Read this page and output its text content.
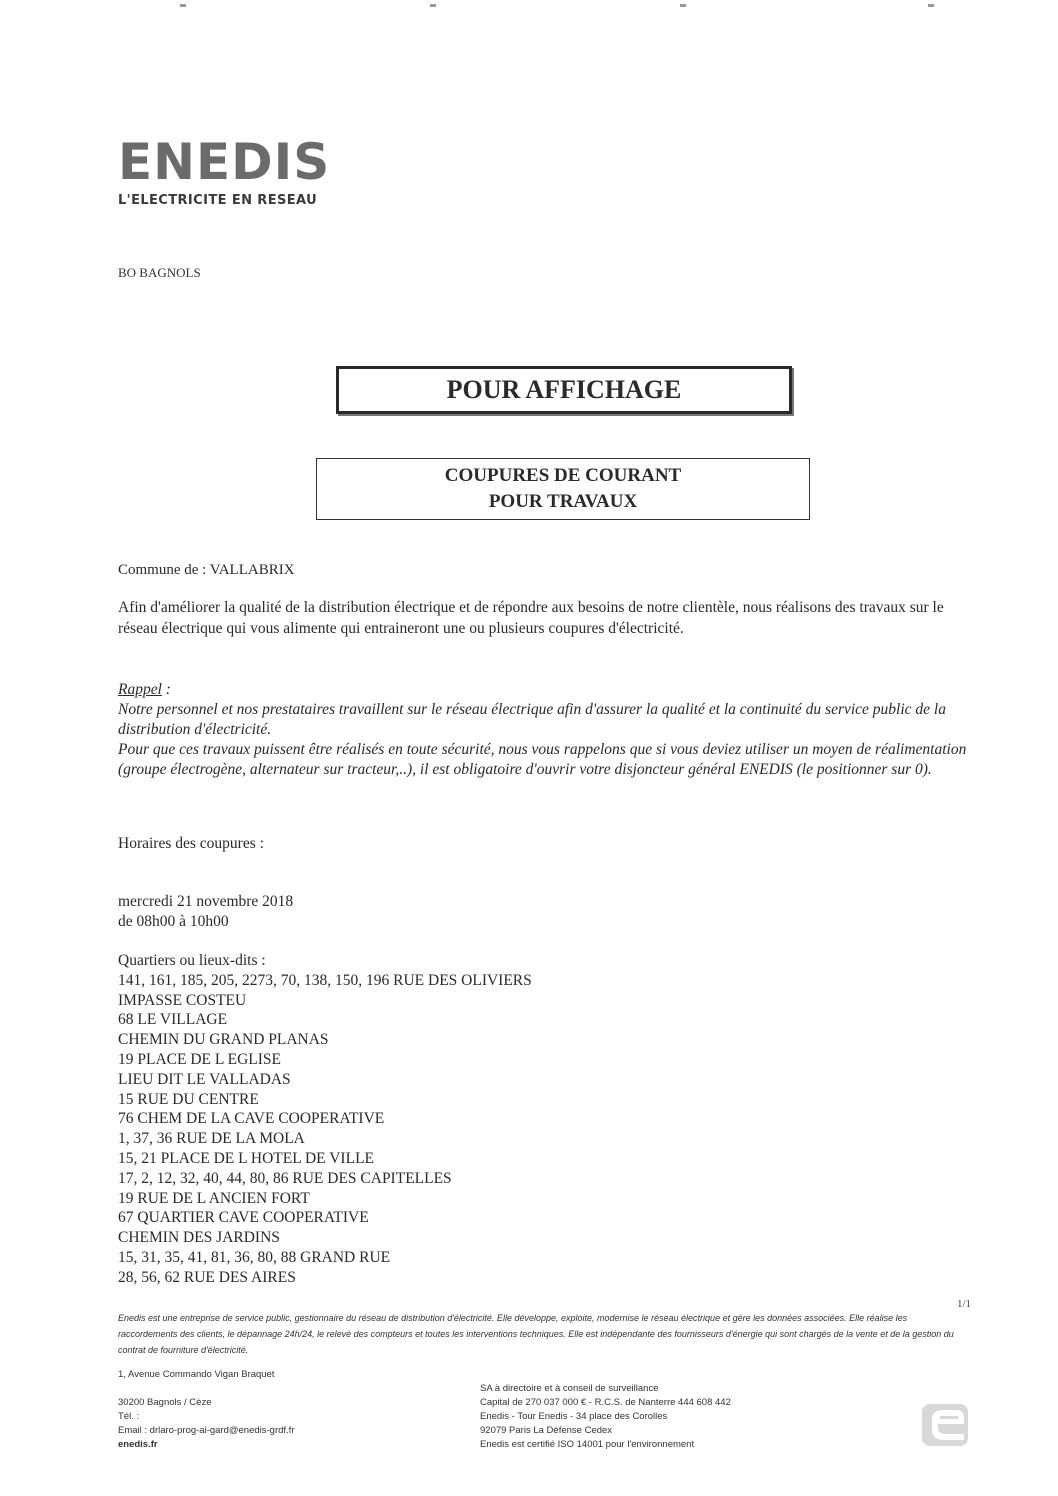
ENEDIS
L'ELECTRICITE EN RESEAU
BO BAGNOLS
POUR AFFICHAGE
COUPURES DE COURANT
POUR TRAVAUX
Commune de : VALLABRIX
Afin d'améliorer la qualité de la distribution électrique et de répondre aux besoins de notre clientèle, nous réalisons des travaux sur le réseau électrique qui vous alimente qui entraineront une ou plusieurs coupures d'électricité.
Rappel :
Notre personnel et nos prestataires travaillent sur le réseau électrique afin d'assurer la qualité et la continuité du service public de la distribution d'électricité.
Pour que ces travaux puissent être réalisés en toute sécurité, nous vous rappelons que si vous deviez utiliser un moyen de réalimentation (groupe électrogène, alternateur sur tracteur,..), il est obligatoire d'ouvrir votre disjoncteur général ENEDIS (le positionner sur 0).
Horaires des coupures :
mercredi 21 novembre 2018
de 08h00 à 10h00
Quartiers ou lieux-dits :
141, 161, 185, 205, 2273, 70, 138, 150, 196 RUE DES OLIVIERS
IMPASSE COSTEU
68 LE VILLAGE
CHEMIN DU GRAND PLANAS
19 PLACE DE L EGLISE
LIEU DIT LE VALLADAS
15 RUE DU CENTRE
76 CHEM DE LA CAVE COOPERATIVE
1, 37, 36 RUE DE LA MOLA
15, 21 PLACE DE L HOTEL DE VILLE
17, 2, 12, 32, 40, 44, 80, 86 RUE DES CAPITELLES
19 RUE DE L ANCIEN FORT
67 QUARTIER CAVE COOPERATIVE
CHEMIN DES JARDINS
15, 31, 35, 41, 81, 36, 80, 88 GRAND RUE
28, 56, 62 RUE DES AIRES
1/1
Enedis est une entreprise de service public, gestionnaire du réseau de distribution d'électricité. Elle développe, exploite, modernise le réseau électrique et gère les données associées. Elle réalise les raccordements des clients, le dépannage 24h/24, le relevé des compteurs et toutes les interventions techniques. Elle est indépendante des fournisseurs d'énergie qui sont chargés de la vente et de la gestion du contrat de fourniture d'électricité.
1, Avenue Commando Vigan Braquet
30200 Bagnols / Cèze
Tél. :
Email : drlaro-prog-ai-gard@enedis-grdf.fr
enedis.fr
SA à directoire et à conseil de surveillance
Capital de 270 037 000 € - R.C.S. de Nanterre 444 608 442
Enedis - Tour Enedis - 34 place des Corolles
92079 Paris La Défense Cedex
Enedis est certifié ISO 14001 pour l'environnement
